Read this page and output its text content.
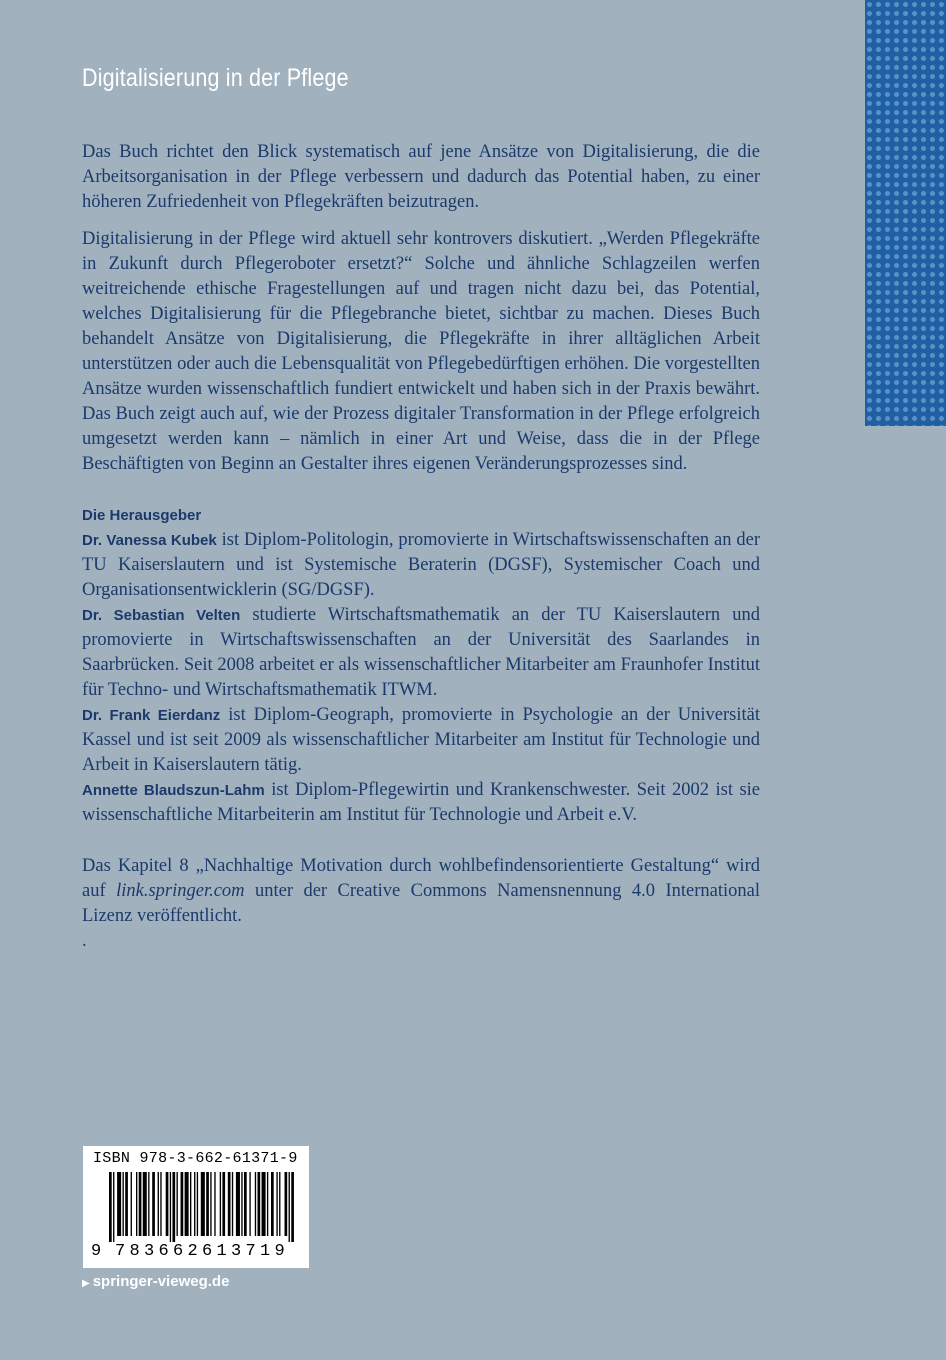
Digitalisierung in der Pflege

Das Buch richtet den Blick systematisch auf jene Ansätze von Digitalisierung, die die Arbeitsorganisation in der Pflege verbessern und dadurch das Potential haben, zu einer höheren Zufriedenheit von Pflegekräften beizutragen.

Digitalisierung in der Pflege wird aktuell sehr kontrovers diskutiert. „Werden Pflegekräfte in Zukunft durch Pflegeroboter ersetzt?“ Solche und ähnliche Schlagzeilen werfen weitreichende ethische Fragestellungen auf und tragen nicht dazu bei, das Potential, welches Digitalisierung für die Pflegebranche bietet, sichtbar zu machen. Dieses Buch behandelt Ansätze von Digitalisierung, die Pflegekräfte in ihrer alltäglichen Arbeit unterstützen oder auch die Lebensqualität von Pflegebedürftigen erhöhen. Die vorgestellten Ansätze wurden wissenschaftlich fundiert entwickelt und haben sich in der Praxis bewährt. Das Buch zeigt auch auf, wie der Prozess digitaler Transformation in der Pflege erfolgreich umgesetzt werden kann – nämlich in einer Art und Weise, dass die in der Pflege Beschäftigten von Beginn an Gestalter ihres eigenen Veränderungsprozesses sind.

Die Herausgeber

Dr. Vanessa Kubek ist Diplom-Politologin, promovierte in Wirtschaftswissenschaften an der TU Kaiserslautern und ist Systemische Beraterin (DGSF), Systemischer Coach und Organisationsentwicklerin (SG/DGSF).

Dr. Sebastian Velten studierte Wirtschaftsmathematik an der TU Kaiserslautern und promovierte in Wirtschaftswissenschaften an der Universität des Saarlandes in Saarbrücken. Seit 2008 arbeitet er als wissenschaftlicher Mitarbeiter am Fraunhofer Institut für Techno- und Wirtschaftsmathematik ITWM.

Dr. Frank Eierdanz ist Diplom-Geograph, promovierte in Psychologie an der Universität Kassel und ist seit 2009 als wissenschaftlicher Mitarbeiter am Institut für Technologie und Arbeit in Kaiserslautern tätig.

Annette Blaudszun-Lahm ist Diplom-Pflegewirtin und Krankenschwester. Seit 2002 ist sie wissenschaftliche Mitarbeiterin am Institut für Technologie und Arbeit e.V.

Das Kapitel 8 „Nachhaltige Motivation durch wohlbefindensorientierte Gestaltung“ wird auf link.springer.com unter der Creative Commons Namensnennung 4.0 International Lizenz veröffentlicht.

.

ISBN 978-3-662-61371-9
9 783662613719
▶ springer-vieweg.de
